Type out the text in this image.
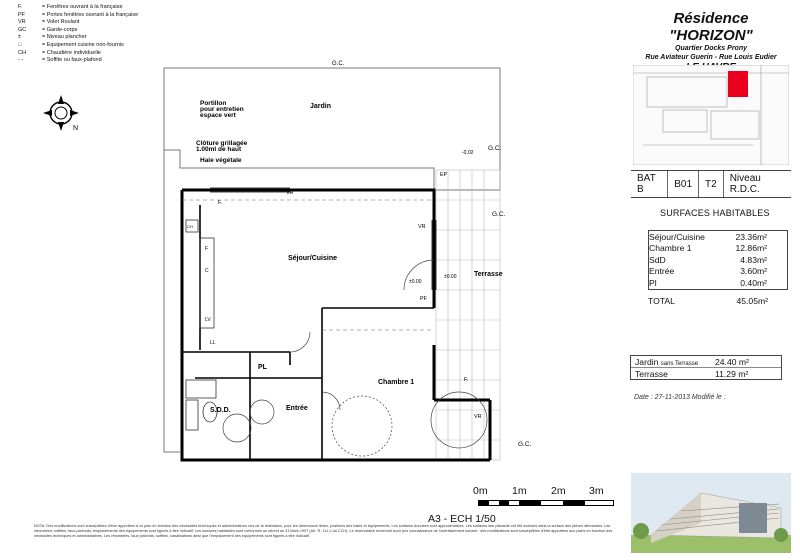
F.	= Fenêtres ouvrant à la française
PF	= Portes fenêtres ouvrant à la française
VR	= Volet Roulant
GC	= Garde-corps
±	= Niveau plancher
□	= Equipement cuisine non-fournis
CH	= Chaudière individuelle
- -	= Soffite ou faux-plafond
N
G.C.
Jardin
Portillon
pour entretien
espace vert
Clôture grillagée
1.00ml de haut
Haie végétale
-0.02
G.C.
G.C.
G.C.
EP
Séjour/Cuisine
Chambre 1
S.D.D.	Entrée
Terrasse
PL
VR
VR
VR
PF
F.
F.
CH
F
C
LV
LL
±0.00
±0.00
Résidence "HORIZON"
Quartier Docks Prony
Rue Aviateur Guerin - Rue Louis Eudier
BAT B	B01	T2	Niveau R.D.C.
SURFACES HABITABLES
Séjour/Cuisine	23.36m²
Chambre 1	12.86m²
SdD	4.83m²
Entrée	3.60m²
Pl	0.40m²
TOTAL	45.05m²
Jardin sans Terrasse	24.40 m²
Terrasse	11.29 m²
Date : 27-11-2013 Modifié le :
0m 1m 2m 3m
A3 - ECH 1/50
NOTA: Des modifications sont susceptibles d'être apportées à ce plan en fonction des nécessités techniques et administratives lors de la réalisation, pour les dimensions libres, positions des baies et équipements. Les surfaces données sont approximatives. Les surfaces des placards ont été incluses dans la surface des pièces attenantes. Les retombées, soffites, faux-plafonds, emplacements des équipements sont figurés à titre indicatif. Les surfaces habitables sont conformes au décret du 23 Mars 1997 (Art. R. 111-2 du CCH). Le réservataire reconnaît avoir pris connaissance de l'avertissement suivant : des modifications sont susceptibles d'être apportées aux plans en fonction des nécessités techniques et administratives. Les retombées, faux plafonds, soffites, canalisations ainsi que l'emplacement des équipements sont figurés à titre indicatif.
